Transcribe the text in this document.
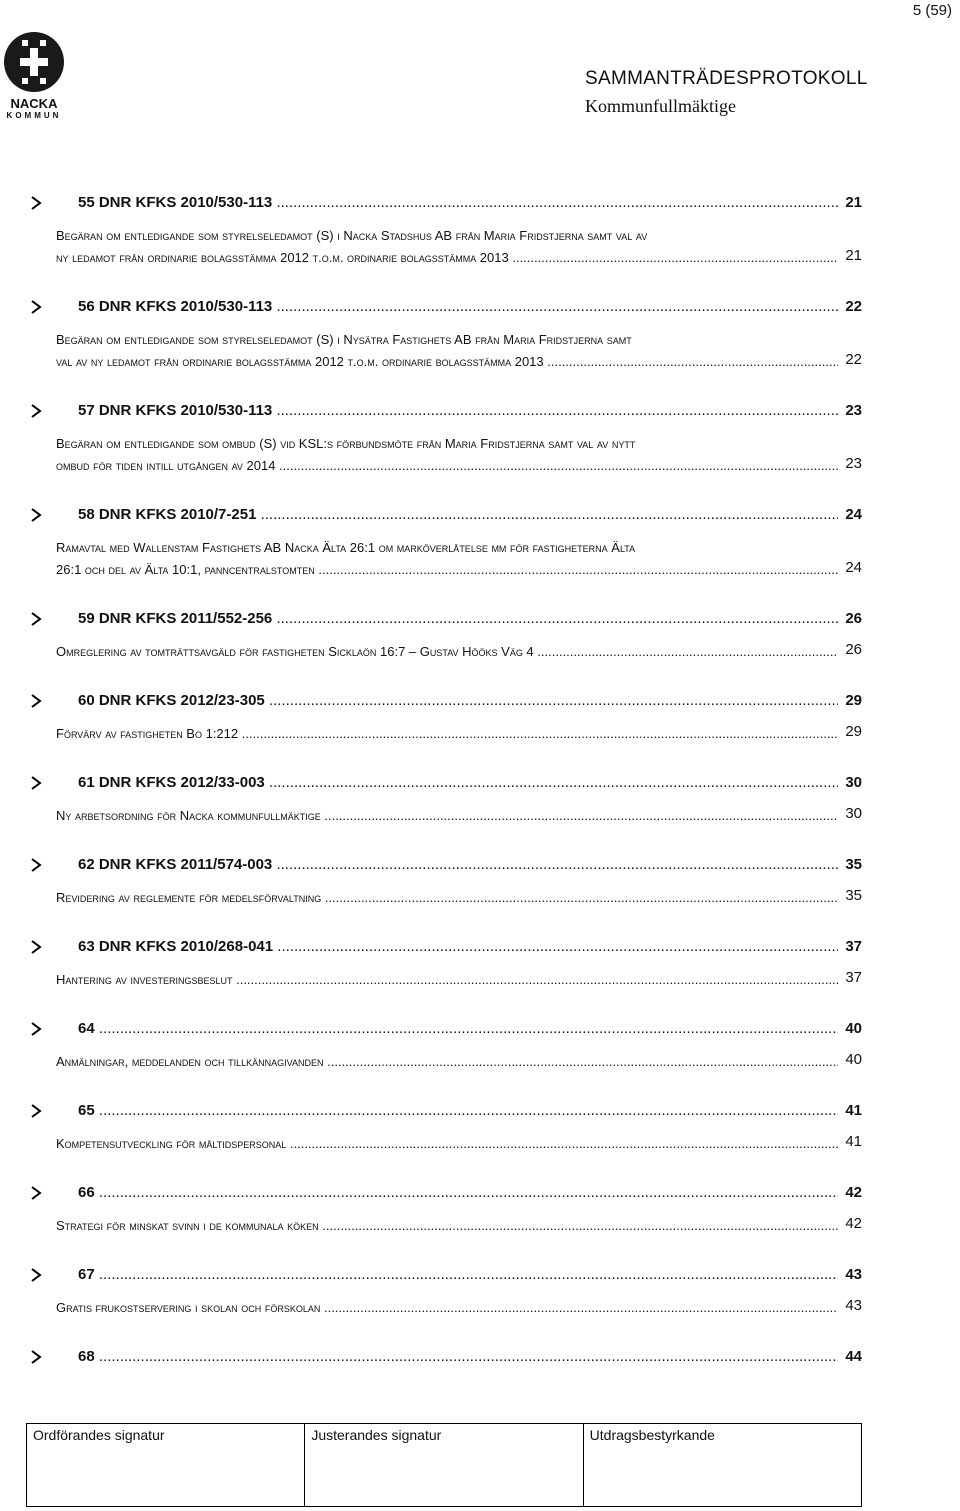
5 (59)
NACKA
KOMMUN
SAMMANTRÄDESPROTOKOLL
Kommunfullmäktige
55 DNR KFKS 2010/530-113 .....	21
Begäran om entledigande som styrelseledamot (S) i Nacka Stadshus AB från Maria Fridstjerna samt val av
ny ledamot från ordinarie bolagsstämma 2012 t.o.m. ordinarie bolagsstämma 2013 .....	21
56 DNR KFKS 2010/530-113 .....	22
Begäran om entledigande som styrelseledamot (S) i Nysätra Fastighets AB från Maria Fridstjerna samt
val av ny ledamot från ordinarie bolagsstämma 2012 t.o.m. ordinarie bolagsstämma 2013 .....	22
57 DNR KFKS 2010/530-113 .....	23
Begäran om entledigande som ombud (S) vid KSL:s förbundsmöte från Maria Fridstjerna samt val av nytt
ombud för tiden intill utgången av 2014 .....	23
58 DNR KFKS 2010/7-251 .....	24
Ramavtal med Wallenstam Fastighets AB Nacka Älta 26:1 om marköverlåtelse mm för fastigheterna Älta
26:1 och del av Älta 10:1, panncentralstomten .....	24
59 DNR KFKS 2011/552-256 .....	26
Omreglering av tomträttsavgäld för fastigheten Sicklaön 16:7 – Gustav Hööks Väg 4 .....	26
60 DNR KFKS 2012/23-305 .....	29
Förvärv av fastigheten Bo 1:212 .....	29
61 DNR KFKS 2012/33-003 .....	30
Ny arbetsordning för Nacka kommunfullmäktige .....	30
62 DNR KFKS 2011/574-003 .....	35
Revidering av reglemente för medelsförvaltning .....	35
63 DNR KFKS 2010/268-041 .....	37
Hantering av investeringsbeslut .....	37
64 .....	40
Anmälningar, meddelanden och tillkännagivanden .....	40
65 .....	41
Kompetensutveckling för måltidspersonal .....	41
66 .....	42
Strategi för minskat svinn i de kommunala köken .....	42
67 .....	43
Gratis frukostservering i skolan och förskolan .....	43
68 .....	44
Ordförandes signatur	Justerandes signatur	Utdragsbestyrkande
